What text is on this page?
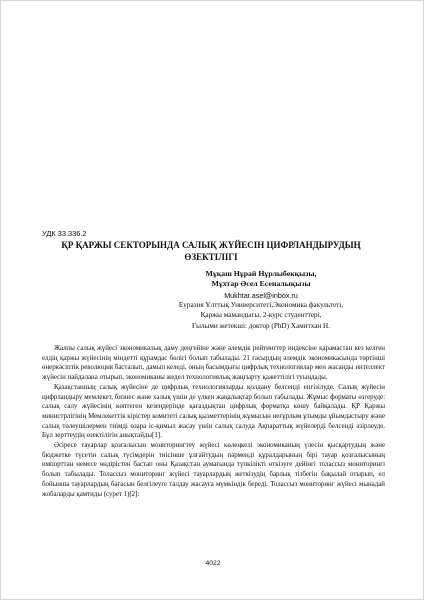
УДК 33.336.2
ҚР ҚАРЖЫ СЕКТОРЫНДА САЛЫҚ ЖҮЙЕСІН ЦИФРЛАНДЫРУДЫҢ
ӨЗЕКТІЛІГІ
Мұқаш Нұрай Нұрлыбекқызы,
Мұхтар Әсел Есеналықызы
Mukhtar.asel@inbox.ru
Еуразия Ұлттық Университеті,Экономика факультеті,
Қаржы мамандығы, 2-курс студенттері,
Ғылыми жетекші: доктор (PhD) Хамитхан Н.

Жалпы салық жүйесі экономикалық даму деңгейіне және әлемдік рейтингтер индексіне қарамастан кез келген елдің қаржы жүйесінің міндетті құрамдас бөлігі болып табылады. 21 ғасырдың әлемдік экономикасында төртінші өнеркәсіптік революция басталып, дамып келеді, оның басымдығы цифрлық технологиялар мен жасанды интеллект жүйесін пайдалана отырып, экономиканы жедел технологиялық жаңғырту қажеттілігі туындады.

Қазақстанның салық жүйесіне де цифрлық технологияларды қолдану белсенді енгізілуде. Салық жүйесін цифрландыру мемлекет, бизнес және халық үшін де үлкен жаңалықтар болып табылады. Жұмыс форматы өзгеруде: салық салу жүйесінің көптеген кезеңдерінде қағаздықтан цифрлық форматқа көшу байқалады. ҚР Қаржы министрлігінің Мемлекеттік кірістер комитеті салық қызметтерінің жұмысын неғұрлым ұтымды ұйымдастыру және салық төлеушілермен тиімді өзара іс-қимыл жасау үшін салық салуда Ақпараттық жүйелерді белсенді әзірлеуде. Бұл зерттеудің өзектілігін анықтайды[1].

Әсіресе тауарлар қозғалысын мониторингтеу жүйесі көлеңкелі экономиканың үлесін қысқартудың және бюджетке түсетін салық түсімдерін тиісінше ұлғайтудың пәрменді құралдарының бірі тауар қозғалысының импорттан немесе өндірістен бастап оны Қазақстан аумағында түпкілікті өткізуге дейінгі толассыз мониторингі болып табылады. Толассыз мониторинг жүйесі тауарлардың жеткізудің барлық тізбегін бақылай отырып, ел бойынша тауарлардың бағасын белгілеуге талдау жасауға мүмкіндік береді. Толассыз мониторинг жүйесі мынадай жобаларды қамтиды (сурет 1)[2]:

4022
